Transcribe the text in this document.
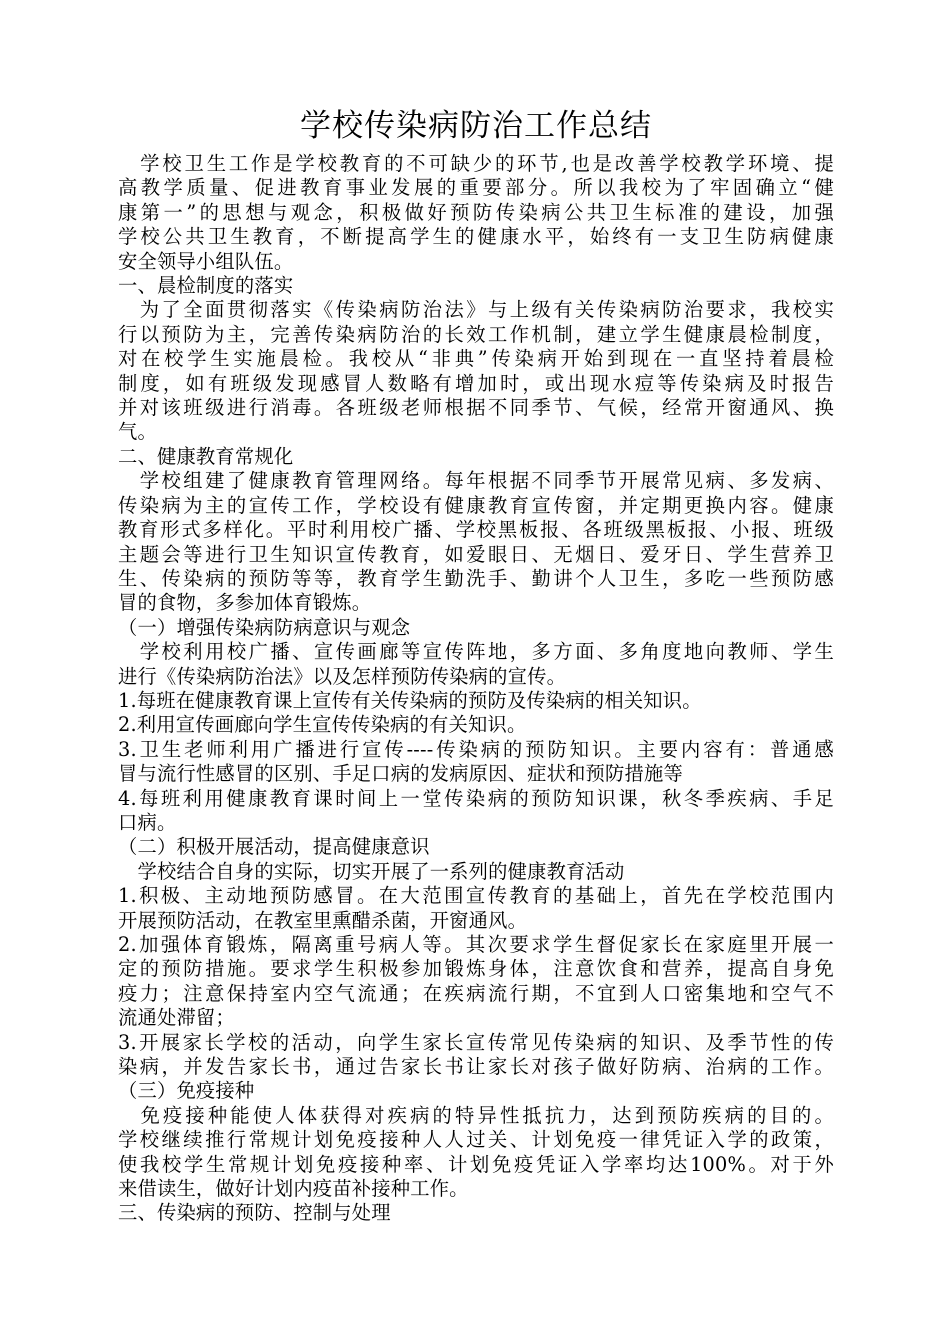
学校传染病防治工作总结
　学校卫生工作是学校教育的不可缺少的环节,也是改善学校教学环境、提
高教学质量、促进教育事业发展的重要部分。所以我校为了牢固确立“健
康第一”的思想与观念，积极做好预防传染病公共卫生标准的建设，加强
学校公共卫生教育，不断提高学生的健康水平，始终有一支卫生防病健康
安全领导小组队伍。
一、晨检制度的落实
　为了全面贯彻落实《传染病防治法》与上级有关传染病防治要求，我校实
行以预防为主，完善传染病防治的长效工作机制，建立学生健康晨检制度，
对在校学生实施晨检。我校从“非典”传染病开始到现在一直坚持着晨检
制度，如有班级发现感冒人数略有增加时，或出现水痘等传染病及时报告
并对该班级进行消毒。各班级老师根据不同季节、气候，经常开窗通风、换
气。
二、健康教育常规化
　学校组建了健康教育管理网络。每年根据不同季节开展常见病、多发病、
传染病为主的宣传工作，学校设有健康教育宣传窗，并定期更换内容。健康
教育形式多样化。平时利用校广播、学校黑板报、各班级黑板报、小报、班级
主题会等进行卫生知识宣传教育，如爱眼日、无烟日、爱牙日、学生营养卫
生、传染病的预防等等，教育学生勤洗手、勤讲个人卫生，多吃一些预防感
冒的食物，多参加体育锻炼。
（一）增强传染病防病意识与观念
　学校利用校广播、宣传画廊等宣传阵地，多方面、多角度地向教师、学生
进行《传染病防治法》以及怎样预防传染病的宣传。
1.每班在健康教育课上宣传有关传染病的预防及传染病的相关知识。
2.利用宣传画廊向学生宣传传染病的有关知识。
3.卫生老师利用广播进行宣传----传染病的预防知识。主要内容有：普通感
冒与流行性感冒的区别、手足口病的发病原因、症状和预防措施等
4.每班利用健康教育课时间上一堂传染病的预防知识课，秋冬季疾病、手足
口病。
（二）积极开展活动，提高健康意识
　学校结合自身的实际，切实开展了一系列的健康教育活动
1.积极、主动地预防感冒。在大范围宣传教育的基础上，首先在学校范围内
开展预防活动，在教室里熏醋杀菌，开窗通风。
2.加强体育锻炼，隔离重号病人等。其次要求学生督促家长在家庭里开展一
定的预防措施。要求学生积极参加锻炼身体，注意饮食和营养，提高自身免
疫力；注意保持室内空气流通；在疾病流行期，不宜到人口密集地和空气不
流通处滞留；
3.开展家长学校的活动，向学生家长宣传常见传染病的知识、及季节性的传
染病，并发告家长书，通过告家长书让家长对孩子做好防病、治病的工作。
（三）免疫接种
　免疫接种能使人体获得对疾病的特异性抵抗力，达到预防疾病的目的。
学校继续推行常规计划免疫接种人人过关、计划免疫一律凭证入学的政策，
使我校学生常规计划免疫接种率、计划免疫凭证入学率均达100%。对于外
来借读生，做好计划内疫苗补接种工作。
三、传染病的预防、控制与处理
